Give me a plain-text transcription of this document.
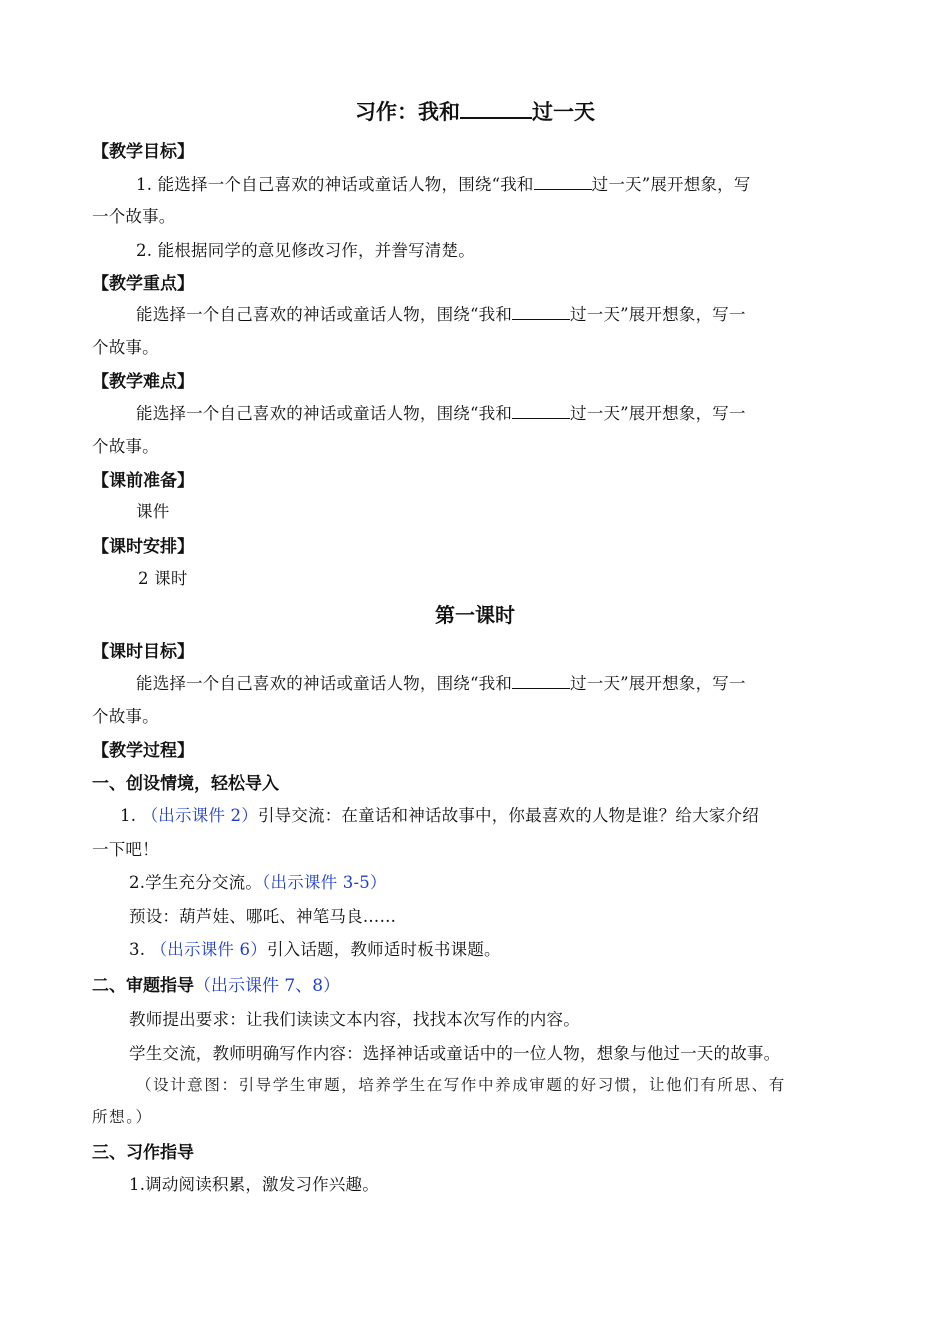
习作：我和	过一天
【教学目标】
1. 能选择一个自己喜欢的神话或童话人物，围绕“我和	过一天”展开想象，写
一个故事。
2. 能根据同学的意见修改习作，并誊写清楚。
【教学重点】
能选择一个自己喜欢的神话或童话人物，围绕“我和	过一天”展开想象，写一
个故事。
【教学难点】
能选择一个自己喜欢的神话或童话人物，围绕“我和	过一天”展开想象，写一
个故事。
【课前准备】
课件
【课时安排】
2 课时
第一课时
【课时目标】
能选择一个自己喜欢的神话或童话人物，围绕“我和	过一天”展开想象，写一
个故事。
【教学过程】
一、创设情境，轻松导入
1. （出示课件 2）引导交流：在童话和神话故事中，你最喜欢的人物是谁？给大家介绍
一下吧！
2.学生充分交流。（出示课件 3-5）
预设：葫芦娃、哪吒、神笔马良……
3. （出示课件 6）引入话题，教师适时板书课题。
二、审题指导（出示课件 7、8）
教师提出要求：让我们读读文本内容，找找本次写作的内容。
学生交流，教师明确写作内容：选择神话或童话中的一位人物，想象与他过一天的故事。
（设计意图：引导学生审题，培养学生在写作中养成审题的好习惯，让他们有所思、有
所想。）
三、习作指导
1.调动阅读积累，激发习作兴趣。
